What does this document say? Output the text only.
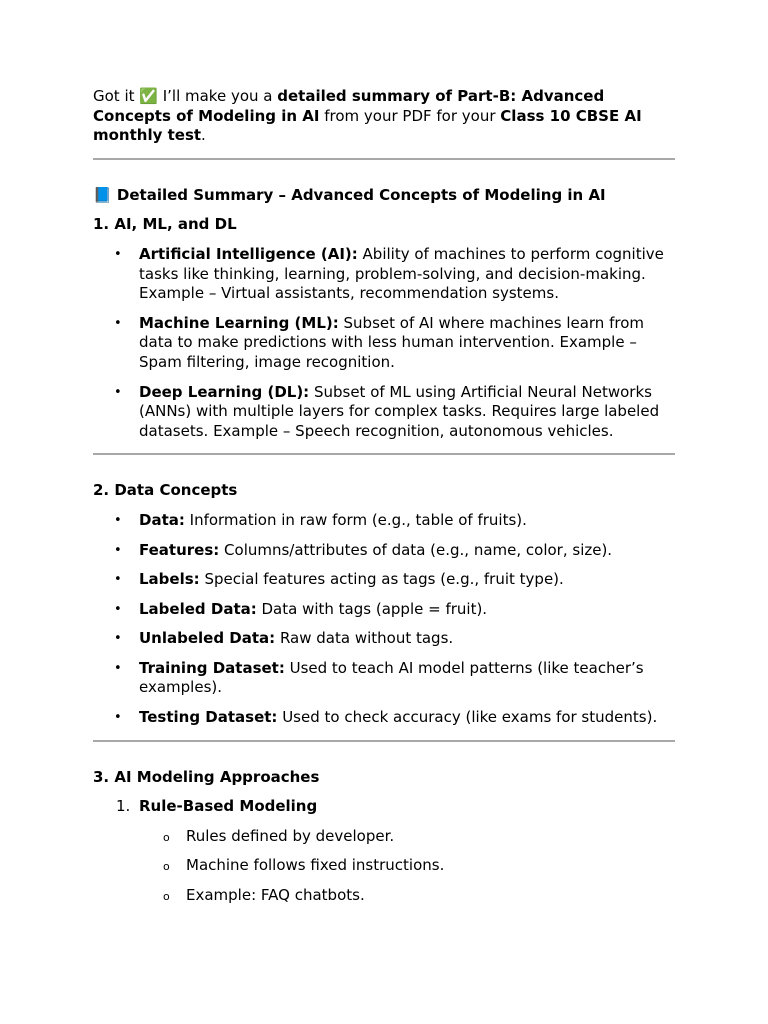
Got it ✅ I’ll make you a detailed summary of Part-B: Advanced Concepts of Modeling in AI from your PDF for your Class 10 CBSE AI monthly test.

📘 Detailed Summary – Advanced Concepts of Modeling in AI

1. AI, ML, and DL

• Artificial Intelligence (AI): Ability of machines to perform cognitive tasks like thinking, learning, problem-solving, and decision-making. Example – Virtual assistants, recommendation systems.
• Machine Learning (ML): Subset of AI where machines learn from data to make predictions with less human intervention. Example – Spam filtering, image recognition.
• Deep Learning (DL): Subset of ML using Artificial Neural Networks (ANNs) with multiple layers for complex tasks. Requires large labeled datasets. Example – Speech recognition, autonomous vehicles.

2. Data Concepts

• Data: Information in raw form (e.g., table of fruits).
• Features: Columns/attributes of data (e.g., name, color, size).
• Labels: Special features acting as tags (e.g., fruit type).
• Labeled Data: Data with tags (apple = fruit).
• Unlabeled Data: Raw data without tags.
• Training Dataset: Used to teach AI model patterns (like teacher’s examples).
• Testing Dataset: Used to check accuracy (like exams for students).

3. AI Modeling Approaches

1. Rule-Based Modeling
o Rules defined by developer.
o Machine follows fixed instructions.
o Example: FAQ chatbots.
